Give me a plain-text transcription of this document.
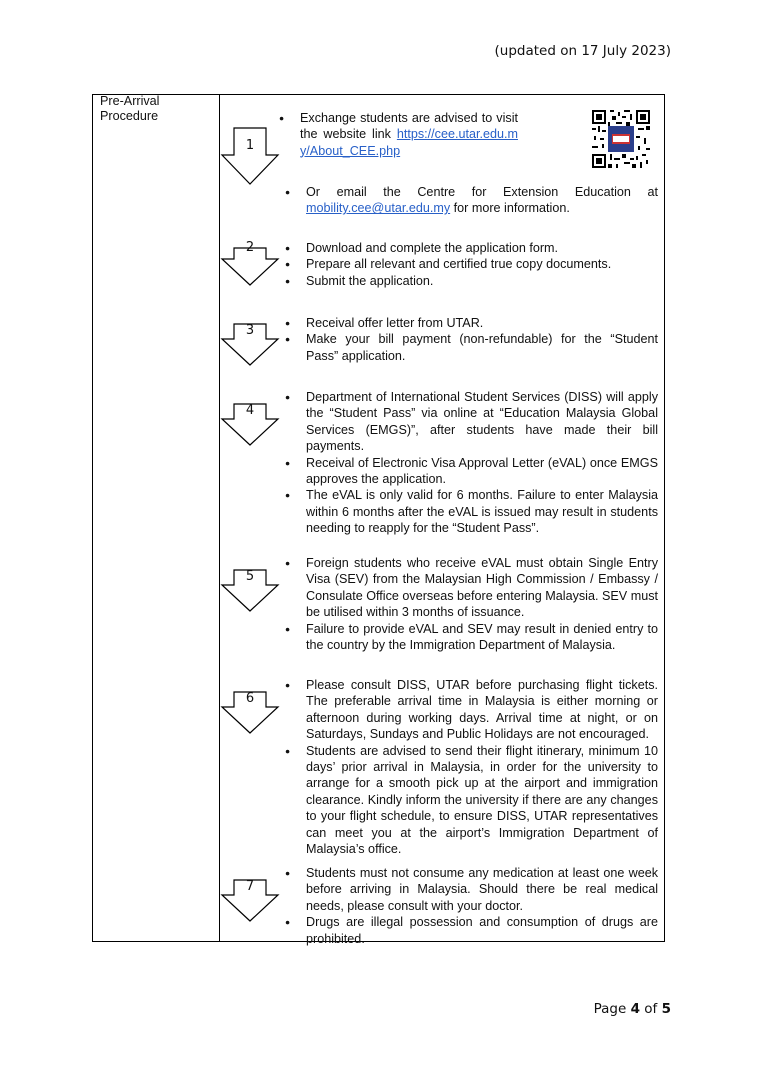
(updated on 17 July 2023)
Pre-Arrival Procedure
1
● Exchange students are advised to visit the website link https://cee.utar.edu.my/About_CEE.php
● Or email the Centre for Extension Education at
mobility.cee@utar.edu.my for more information.
2	● Download and complete the application form.
● Prepare all relevant and certified true copy documents.
● Submit the application.
3	● Receival offer letter from UTAR.
● Make your bill payment (non-refundable) for the “Student Pass” application.
4
● Department of International Student Services (DISS) will apply the “Student Pass” via online at “Education Malaysia Global Services (EMGS)”, after students have made their bill payments.
● Receival of Electronic Visa Approval Letter (eVAL) once EMGS approves the application.
● The eVAL is only valid for 6 months. Failure to enter Malaysia within 6 months after the eVAL is issued may result in students needing to reapply for the “Student Pass”.
5
● Foreign students who receive eVAL must obtain Single Entry Visa (SEV) from the Malaysian High Commission / Embassy / Consulate Office overseas before entering Malaysia. SEV must be utilised within 3 months of issuance.
● Failure to provide eVAL and SEV may result in denied entry to the country by the Immigration Department of Malaysia.
6
● Please consult DISS, UTAR before purchasing flight tickets. The preferable arrival time in Malaysia is either morning or afternoon during working days. Arrival time at night, or on Saturdays, Sundays and Public Holidays are not encouraged.
● Students are advised to send their flight itinerary, minimum 10 days’ prior arrival in Malaysia, in order for the university to arrange for a smooth pick up at the airport and immigration clearance. Kindly inform the university if there are any changes to your flight schedule, to ensure DISS, UTAR representatives can meet you at the airport’s Immigration Department of Malaysia’s office.
7
● Students must not consume any medication at least one week before arriving in Malaysia. Should there be real medical needs, please consult with your doctor.
● Drugs are illegal possession and consumption of drugs are prohibited.
Page 4 of 5
